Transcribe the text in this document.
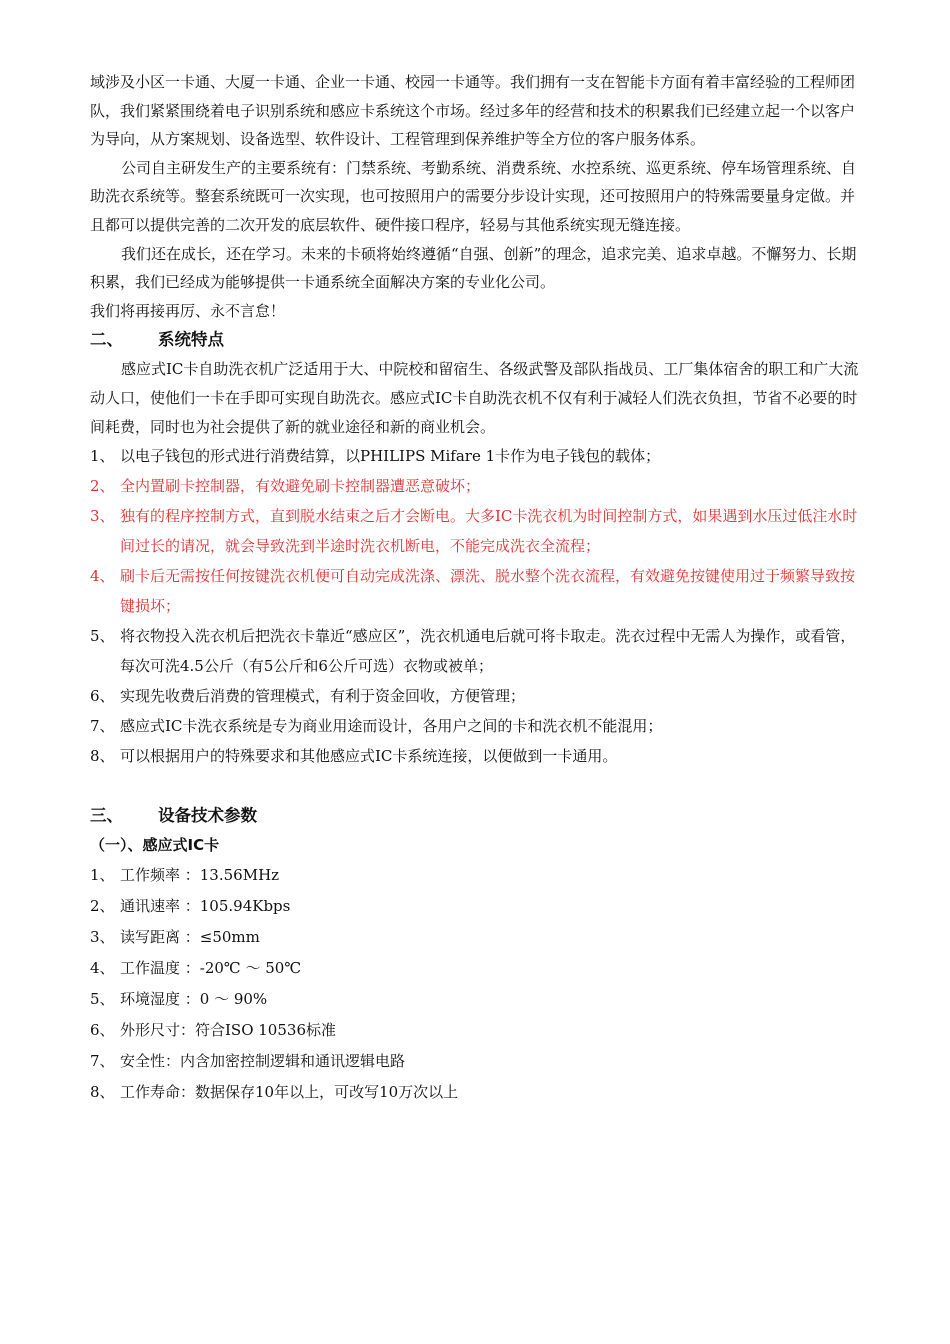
域涉及小区一卡通、大厦一卡通、企业一卡通、校园一卡通等。我们拥有一支在智能卡方面有着丰富经验的工程师团队，我们紧紧围绕着电子识别系统和感应卡系统这个市场。经过多年的经营和技术的积累我们已经建立起一个以客户为导向，从方案规划、设备选型、软件设计、工程管理到保养维护等全方位的客户服务体系。

公司自主研发生产的主要系统有：门禁系统、考勤系统、消费系统、水控系统、巡更系统、停车场管理系统、自助洗衣系统等。整套系统既可一次实现，也可按照用户的需要分步设计实现，还可按照用户的特殊需要量身定做。并且都可以提供完善的二次开发的底层软件、硬件接口程序，轻易与其他系统实现无缝连接。

我们还在成长，还在学习。未来的卡硕将始终遵循“自强、创新”的理念，追求完美、追求卓越。不懈努力、长期积累，我们已经成为能够提供一卡通系统全面解决方案的专业化公司。

我们将再接再厉、永不言怠！

二、 系统特点

感应式IC卡自助洗衣机广泛适用于大、中院校和留宿生、各级武警及部队指战员、工厂集体宿舍的职工和广大流动人口，使他们一卡在手即可实现自助洗衣。感应式IC卡自助洗衣机不仅有利于减轻人们洗衣负担，节省不必要的时间耗费，同时也为社会提供了新的就业途径和新的商业机会。

1、 以电子钱包的形式进行消费结算，以PHILIPS Mifare 1卡作为电子钱包的载体；
2、 全内置刷卡控制器，有效避免刷卡控制器遭恶意破坏；
3、 独有的程序控制方式，直到脱水结束之后才会断电。大多IC卡洗衣机为时间控制方式，如果遇到水压过低注水时间过长的请况，就会导致洗到半途时洗衣机断电，不能完成洗衣全流程；
4、 刷卡后无需按任何按键洗衣机便可自动完成洗涤、漂洗、脱水整个洗衣流程，有效避免按键使用过于频繁导致按键损坏；
5、 将衣物投入洗衣机后把洗衣卡靠近“感应区”，洗衣机通电后就可将卡取走。洗衣过程中无需人为操作，或看管，每次可洗4.5公斤（有5公斤和6公斤可选）衣物或被单；
6、 实现先收费后消费的管理模式，有利于资金回收，方便管理；
7、 感应式IC卡洗衣系统是专为商业用途而设计，各用户之间的卡和洗衣机不能混用；
8、 可以根据用户的特殊要求和其他感应式IC卡系统连接，以便做到一卡通用。
三、 设备技术参数
（一）、感应式IC卡
1、 工作频率 ：13.56MHz
2、 通讯速率 ：105.94Kbps
3、 读写距离 ：≤50mm
4、 工作温度 ：-20℃ ～ 50℃
5、 环境湿度 ：0 ～ 90%
6、 外形尺寸：符合ISO 10536标准
7、 安全性：内含加密控制逻辑和通讯逻辑电路
8、 工作寿命：数据保存10年以上，可改写10万次以上
